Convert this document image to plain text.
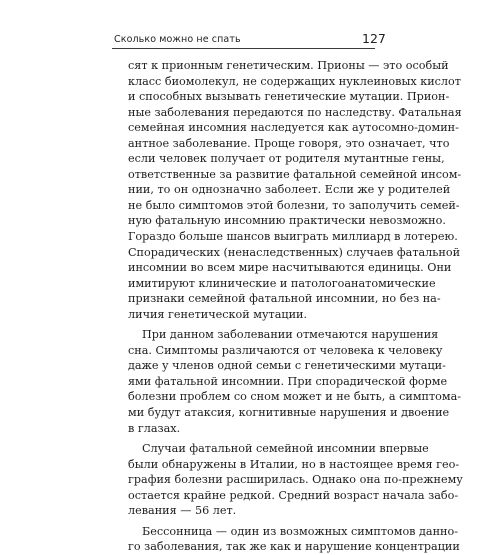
Сколько можно не спать	127
сят к прионным генетическим. Прионы — это особый
класс биомолекул, не содержащих нуклеиновых кислот
и способных вызывать генетические мутации. Прион-
ные заболевания передаются по наследству. Фатальная
семейная инсомния наследуется как аутосомно-домин-
антное заболевание. Проще говоря, это означает, что
если человек получает от родителя мутантные гены,
ответственные за развитие фатальной семейной инсом-
нии, то он однозначно заболеет. Если же у родителей
не было симптомов этой болезни, то заполучить семей-
ную фатальную инсомнию практически невозможно.
Гораздо больше шансов выиграть миллиард в лотерею.
Спорадических (ненаследственных) случаев фатальной
инсомнии во всем мире насчитываются единицы. Они
имитируют клинические и патологоанатомические
признаки семейной фатальной инсомнии, но без на-
личия генетической мутации.
При данном заболевании отмечаются нарушения
сна. Симптомы различаются от человека к человеку
даже у членов одной семьи с генетическими мутаци-
ями фатальной инсомнии. При спорадической форме
болезни проблем со сном может и не быть, а симптома-
ми будут атаксия, когнитивные нарушения и двоение
в глазах.
Случаи фатальной семейной инсомнии впервые
были обнаружены в Италии, но в настоящее время гео-
графия болезни расширилась. Однако она по-прежнему
остается крайне редкой. Средний возраст начала забо-
левания — 56 лет.
Бессонница — один из возможных симптомов данно-
го заболевания, так же как и нарушение концентрации
